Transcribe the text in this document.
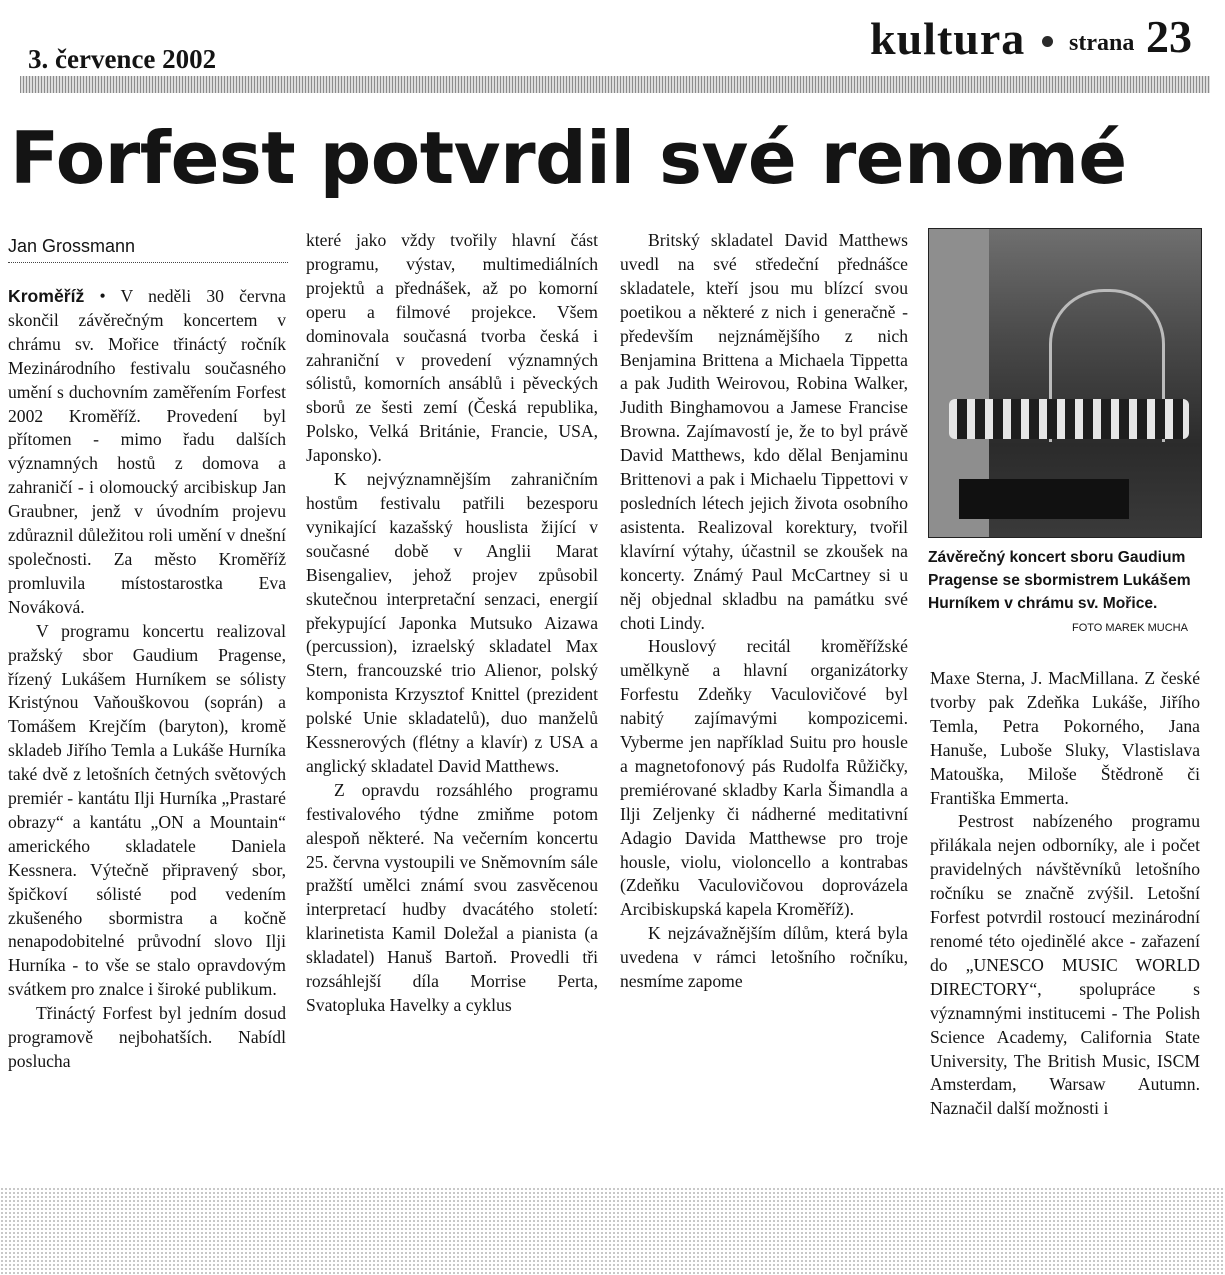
3. července 2002	kultura strana 23
Forfest potvrdil své renomé
Jan Grossmann
Kroměříž • V neděli 30 června skončil závěrečným koncertem v chrámu sv. Mořice třináctý ročník Mezinárodního festivalu současného umění s duchovním zaměřením Forfest 2002 Kroměříž. Provedení byl přítomen - mimo řadu dalších významných hostů z domova a zahraničí - i olomoucký arcibiskup Jan Graubner, jenž v úvodním projevu zdůraznil důležitou roli umění v dnešní společnosti. Za město Kroměříž promluvila místostarostka Eva Nováková.
V programu koncertu realizoval pražský sbor Gaudium Pragense, řízený Lukášem Hurníkem se sólisty Kristýnou Vaňouškovou (soprán) a Tomášem Krejčím (baryton), kromě skladeb Jiřího Temla a Lukáše Hurníka také dvě z letošních četných světových premiér - kantátu Ilji Hurníka „Prastaré obrazy“ a kantátu „ON a Mountain“ amerického skladatele Daniela Kessnera. Výtečně připravený sbor, špičkoví sólisté pod vedením zkušeného sbormistra a kočně nenapodobitelné průvodní slovo Ilji Hurníka - to vše se stalo opravdovým svátkem pro znalce i široké publikum.
Třináctý Forfest byl jedním dosud programově nejbohatších. Nabídl poslucha
které jako vždy tvořily hlavní část programu, výstav, multimediálních projektů a přednášek, až po komorní operu a filmové projekce. Všem dominovala současná tvorba česká i zahraniční v provedení významných sólistů, komorních ansáblů i pěveckých sborů ze šesti zemí (Česká republika, Polsko, Velká Británie, Francie, USA, Japonsko).
K nejvýznamnějším zahraničním hostům festivalu patřili bezesporu vynikající kazašský houslista žijící v současné době v Anglii Marat Bisengaliev, jehož projev způsobil skutečnou interpretační senzaci, energií překypující Japonka Mutsuko Aizawa (percussion), izraelský skladatel Max Stern, francouzské trio Alienor, polský komponista Krzysztof Knittel (prezident polské Unie skladatelů), duo manželů Kessnerových (flétny a klavír) z USA a anglický skladatel David Matthews.
Z opravdu rozsáhlého programu festivalového týdne zmiňme potom alespoň některé. Na večerním koncertu 25. června vystoupili ve Sněmovním sále pražští umělci známí svou zasvěcenou interpretací hudby dvacátého století: klarinetista Kamil Doležal a pianista (a skladatel) Hanuš Bartoň. Provedli tři rozsáhlejší díla Morrise Perta, Svatopluka Havelky a cyklus
Britský skladatel David Matthews uvedl na své středeční přednášce skladatele, kteří jsou mu blízcí svou poetikou a některé z nich i generačně - především nejznámějšího z nich Benjamina Brittena a Michaela Tippetta a pak Judith Weirovou, Robina Walker, Judith Binghamovou a Jamese Francise Browna. Zajímavostí je, že to byl právě David Matthews, kdo dělal Benjaminu Brittenovi a pak i Michaelu Tippettovi v posledních létech jejich života osobního asistenta. Realizoval korektury, tvořil klavírní výtahy, účastnil se zkoušek na koncerty. Známý Paul McCartney si u něj objednal skladbu na památku své choti Lindy.
Houslový recitál kroměřížské umělkyně a hlavní organizátorky Forfestu Zdeňky Vaculovičové byl nabitý zajímavými kompozicemi. Vyberme jen například Suitu pro housle a magnetofonový pás Rudolfa Růžičky, premiérované skladby Karla Šimandla a Ilji Zeljenky či nádherné meditativní Adagio Davida Matthewse pro troje housle, violu, violoncello a kontrabas (Zdeňku Vaculovičovou doprovázela Arcibiskupská kapela Kroměříž).
K nejzávažnějším dílům, která byla uvedena v rámci letošního ročníku, nesmíme zapome
Závěrečný koncert sboru Gaudium Pragense se sbormistrem Lukášem Hurníkem v chrámu sv. Mořice.
FOTO MAREK MUCHA
Maxe Sterna, J. MacMillana. Z české tvorby pak Zdeňka Lukáše, Jiřího Temla, Petra Pokorného, Jana Hanuše, Luboše Sluky, Vlastislava Matouška, Miloše Štědroně či Františka Emmerta.
Pestrost nabízeného programu přilákala nejen odborníky, ale i počet pravidelných návštěvníků letošního ročníku se značně zvýšil. Letošní Forfest potvrdil rostoucí mezinárodní renomé této ojedinělé akce - zařazení do „UNESCO MUSIC WORLD DIRECTORY“, spolupráce s významnými institucemi - The Polish Science Academy, California State University, The British Music, ISCM Amsterdam, Warsaw Autumn. Naznačil další možnosti i
